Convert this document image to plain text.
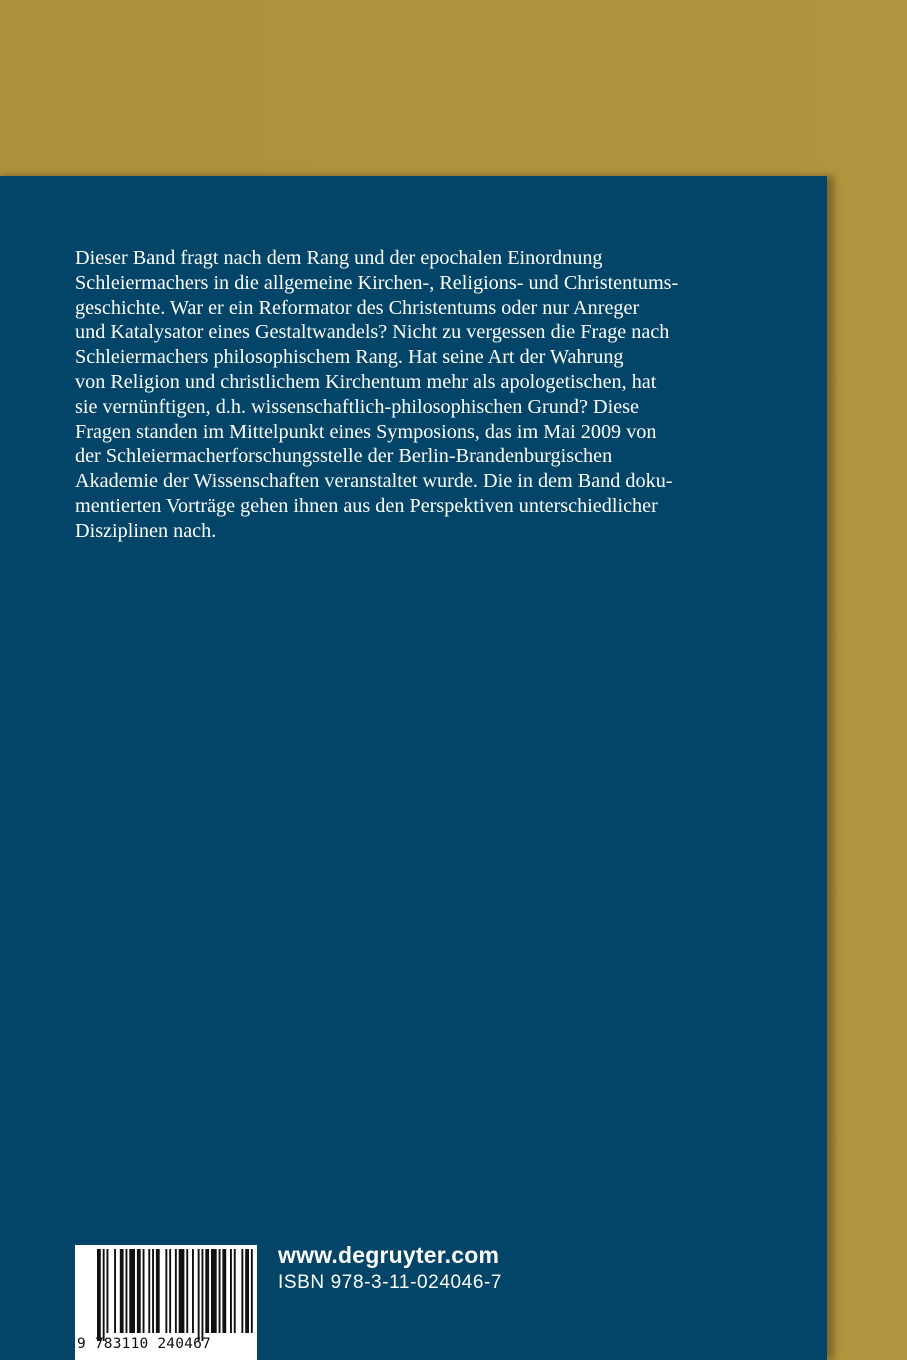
Dieser Band fragt nach dem Rang und der epochalen Einordnung
Schleiermachers in die allgemeine Kirchen-, Religions- und Christentums-
geschichte. War er ein Reformator des Christentums oder nur Anreger
und Katalysator eines Gestaltwandels? Nicht zu vergessen die Frage nach
Schleiermachers philosophischem Rang. Hat seine Art der Wahrung
von Religion und christlichem Kirchentum mehr als apologetischen, hat
sie vernünftigen, d.h. wissenschaftlich-philosophischen Grund? Diese
Fragen standen im Mittelpunkt eines Symposions, das im Mai 2009 von
der Schleiermacherforschungsstelle der Berlin-Brandenburgischen
Akademie der Wissenschaften veranstaltet wurde. Die in dem Band doku-
mentierten Vorträge gehen ihnen aus den Perspektiven unterschiedlicher
Disziplinen nach.

9 783110 240467
www.degruyter.com
ISBN 978-3-11-024046-7
